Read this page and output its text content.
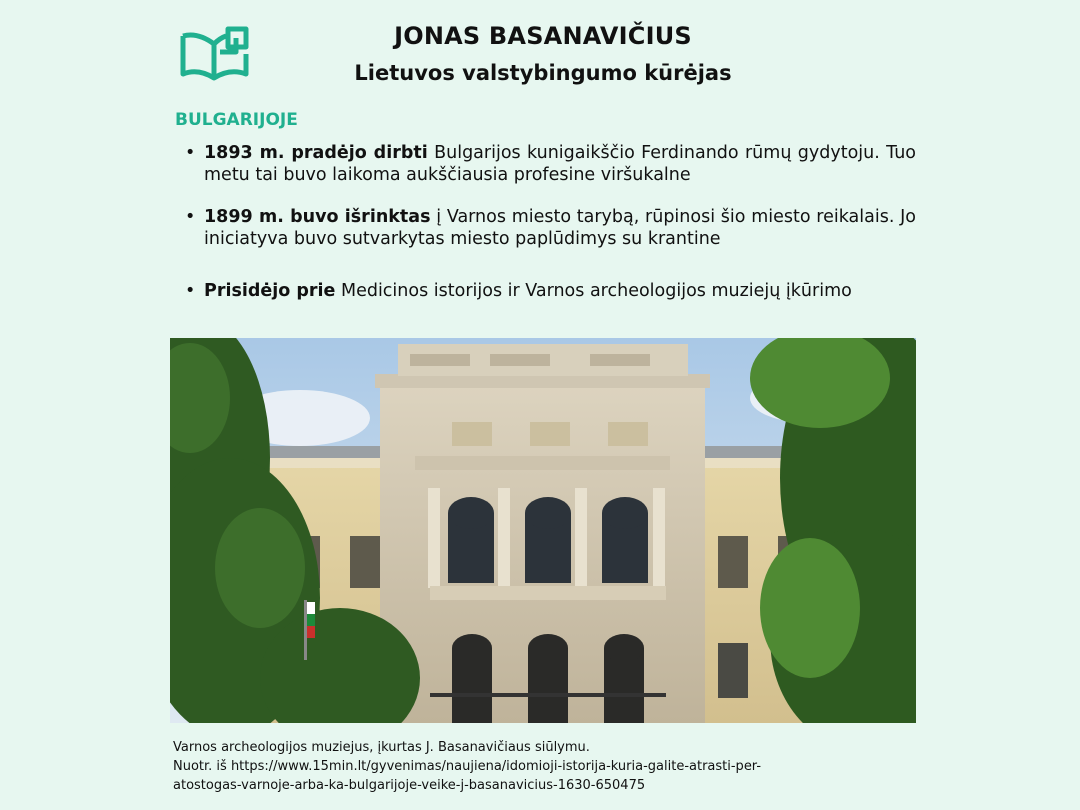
JONAS BASANAVIČIUS
Lietuvos valstybingumo kūrėjas
BULGARIJOJE
• 1893 m. pradėjo dirbti Bulgarijos kunigaikščio Ferdinando rūmų gydytoju. Tuo metu tai buvo laikoma aukščiausia profesine viršukalne
• 1899 m. buvo išrinktas į Varnos miesto tarybą, rūpinosi šio miesto reikalais. Jo iniciatyva buvo sutvarkytas miesto paplūdimys su krantine
• Prisidėjo prie Medicinos istorijos ir Varnos archeologijos muziejų įkūrimo
Varnos archeologijos muziejus, įkurtas J. Basanavičiaus siūlymu.
Nuotr. iš https://www.15min.lt/gyvenimas/naujiena/idomioji-istorija-kuria-galite-atrasti-per-
atostogas-varnoje-arba-ka-bulgarijoje-veike-j-basanavicius-1630-650475
